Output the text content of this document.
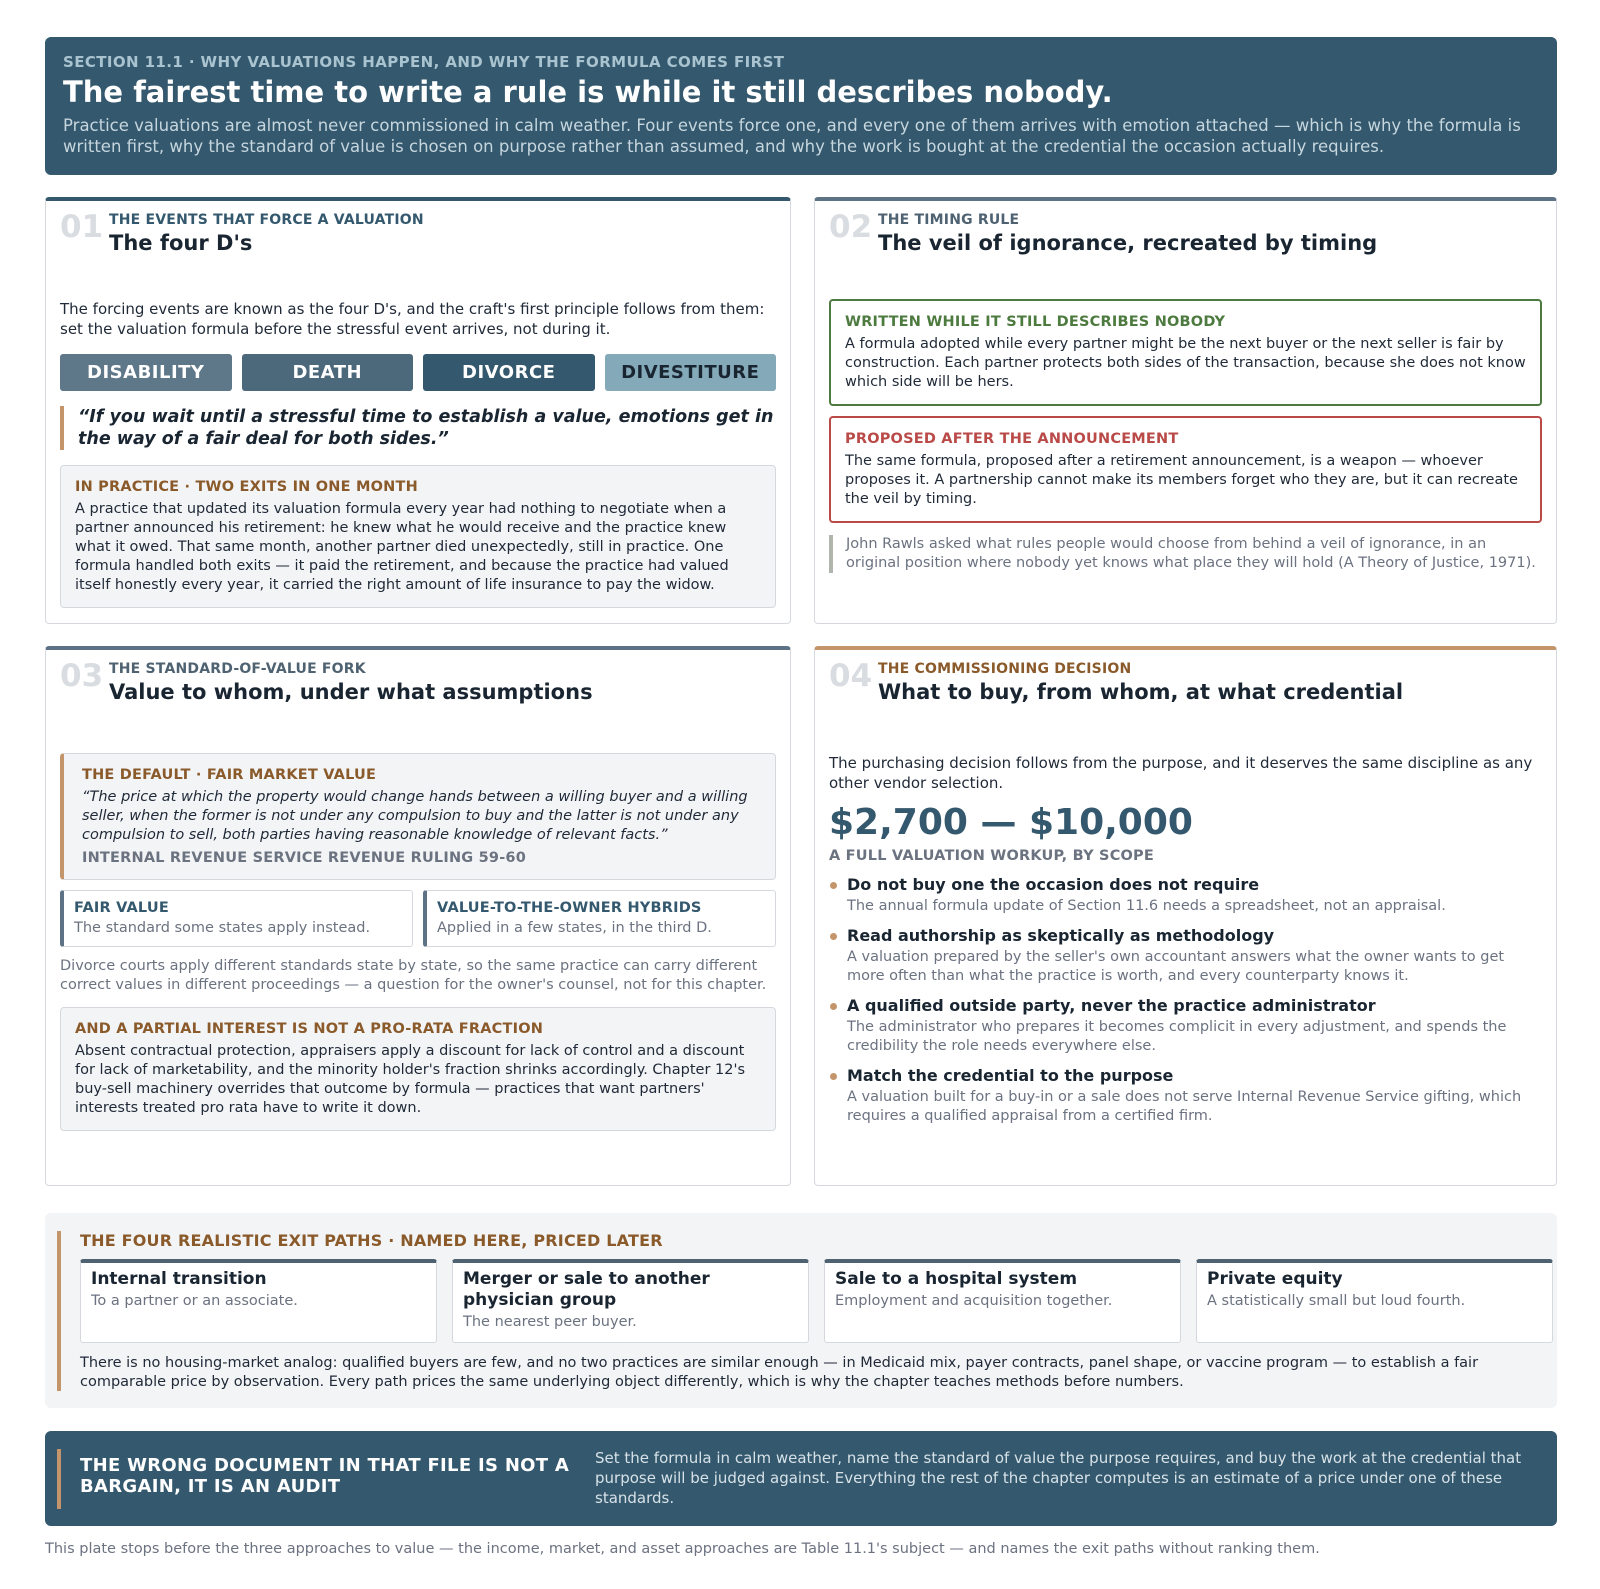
SECTION 11.1 · WHY VALUATIONS HAPPEN, AND WHY THE FORMULA COMES FIRST
The fairest time to write a rule is while it still describes nobody.

Practice valuations are almost never commissioned in calm weather. Four events force one, and every one of them arrives with emotion attached — which is why the formula is written first, why the standard of value is chosen on purpose rather than assumed, and why the work is bought at the credential the occasion actually requires.

01 THE EVENTS THAT FORCE A VALUATION
The four D's
The forcing events are known as the four D's, and the craft's first principle follows from them: set the valuation formula before the stressful event arrives, not during it.
DISABILITY	DEATH	DIVORCE	DIVESTITURE
“If you wait until a stressful time to establish a value, emotions get in the way of a fair deal for both sides.”
IN PRACTICE · TWO EXITS IN ONE MONTH
A practice that updated its valuation formula every year had nothing to negotiate when a partner announced his retirement: he knew what he would receive and the practice knew what it owed. That same month, another partner died unexpectedly, still in practice. One formula handled both exits — it paid the retirement, and because the practice had valued itself honestly every year, it carried the right amount of life insurance to pay the widow.
02 THE TIMING RULE
The veil of ignorance, recreated by timing
WRITTEN WHILE IT STILL DESCRIBES NOBODY
A formula adopted while every partner might be the next buyer or the next seller is fair by construction. Each partner protects both sides of the transaction, because she does not know which side will be hers.
PROPOSED AFTER THE ANNOUNCEMENT
The same formula, proposed after a retirement announcement, is a weapon — whoever proposes it. A partnership cannot make its members forget who they are, but it can recreate the veil by timing.
John Rawls asked what rules people would choose from behind a veil of ignorance, in an original position where nobody yet knows what place they will hold (A Theory of Justice, 1971).
03 THE STANDARD-OF-VALUE FORK
Value to whom, under what assumptions
THE DEFAULT · FAIR MARKET VALUE
“The price at which the property would change hands between a willing buyer and a willing seller, when the former is not under any compulsion to buy and the latter is not under any compulsion to sell, both parties having reasonable knowledge of relevant facts.”
INTERNAL REVENUE SERVICE REVENUE RULING 59-60
FAIR VALUE
The standard some states apply instead.
VALUE-TO-THE-OWNER HYBRIDS
Applied in a few states, in the third D.
Divorce courts apply different standards state by state, so the same practice can carry different correct values in different proceedings — a question for the owner's counsel, not for this chapter.
AND A PARTIAL INTEREST IS NOT A PRO-RATA FRACTION
Absent contractual protection, appraisers apply a discount for lack of control and a discount for lack of marketability, and the minority holder's fraction shrinks accordingly. Chapter 12's buy-sell machinery overrides that outcome by formula — practices that want partners' interests treated pro rata have to write it down.
04 THE COMMISSIONING DECISION
What to buy, from whom, at what credential
The purchasing decision follows from the purpose, and it deserves the same discipline as any other vendor selection.
$2,700 — $10,000
A FULL VALUATION WORKUP, BY SCOPE
Do not buy one the occasion does not require
The annual formula update of Section 11.6 needs a spreadsheet, not an appraisal.
Read authorship as skeptically as methodology
A valuation prepared by the seller's own accountant answers what the owner wants to get more often than what the practice is worth, and every counterparty knows it.
A qualified outside party, never the practice administrator
The administrator who prepares it becomes complicit in every adjustment, and spends the credibility the role needs everywhere else.
Match the credential to the purpose
A valuation built for a buy-in or a sale does not serve Internal Revenue Service gifting, which requires a qualified appraisal from a certified firm.
THE FOUR REALISTIC EXIT PATHS · NAMED HERE, PRICED LATER
Internal transition
To a partner or an associate.
Merger or sale to another physician group
The nearest peer buyer.
Sale to a hospital system
Employment and acquisition together.
Private equity
A statistically small but loud fourth.
There is no housing-market analog: qualified buyers are few, and no two practices are similar enough — in Medicaid mix, payer contracts, panel shape, or vaccine program — to establish a fair comparable price by observation. Every path prices the same underlying object differently, which is why the chapter teaches methods before numbers.
THE WRONG DOCUMENT IN THAT FILE IS NOT A BARGAIN, IT IS AN AUDIT
Set the formula in calm weather, name the standard of value the purpose requires, and buy the work at the credential that purpose will be judged against. Everything the rest of the chapter computes is an estimate of a price under one of these standards.
This plate stops before the three approaches to value — the income, market, and asset approaches are Table 11.1's subject — and names the exit paths without ranking them.
